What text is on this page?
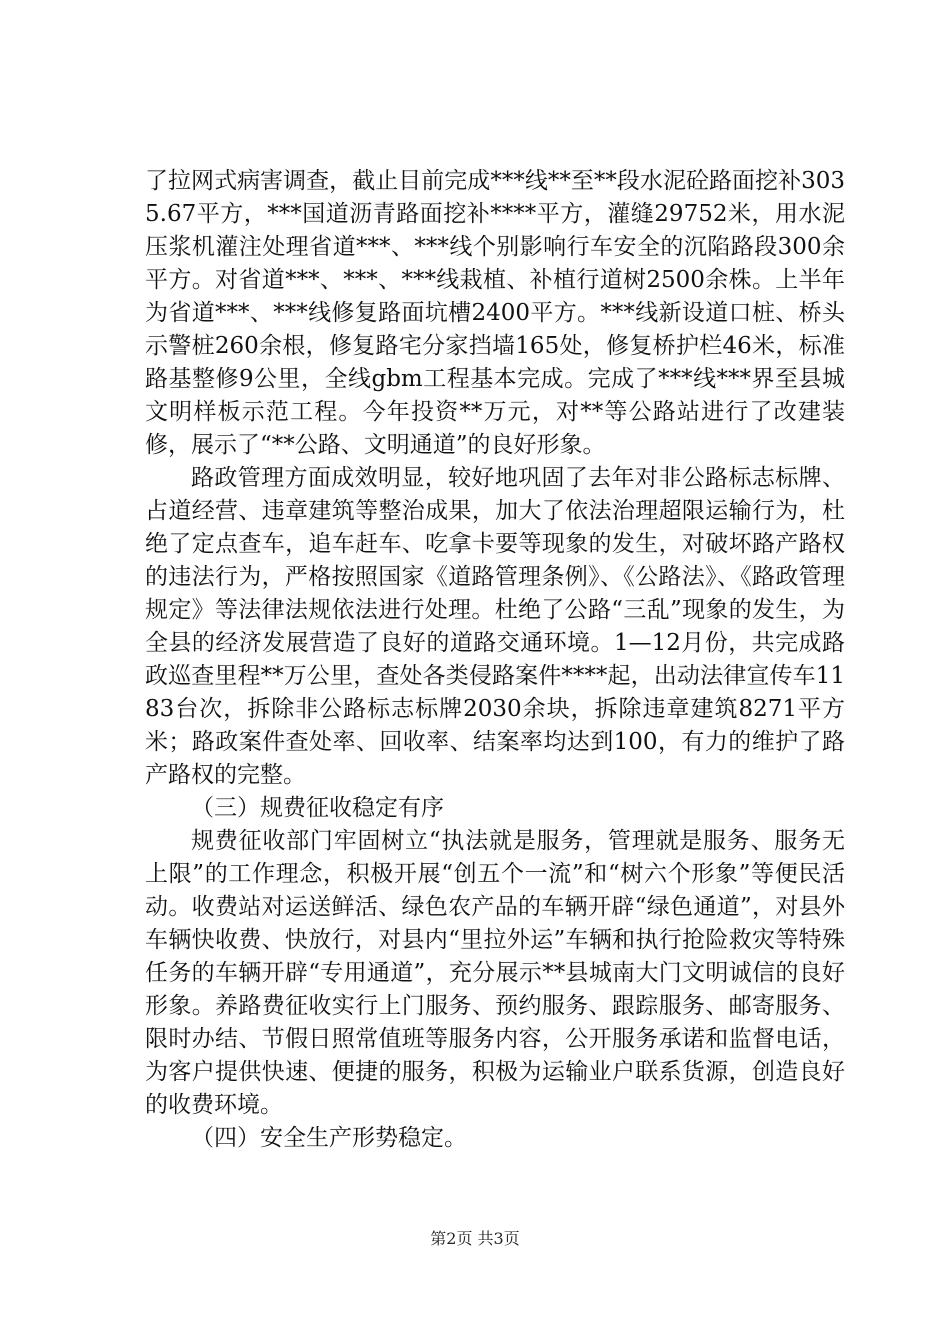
了拉网式病害调查，截止目前完成***线**至**段水泥砼路面挖补3035.67平方，***国道沥青路面挖补****平方，灌缝29752米，用水泥压浆机灌注处理省道***、***线个别影响行车安全的沉陷路段300余平方。对省道***、***、***线栽植、补植行道树2500余株。上半年为省道***、***线修复路面坑槽2400平方。***线新设道口桩、桥头示警桩260余根，修复路宅分家挡墙165处，修复桥护栏46米，标准路基整修9公里，全线gbm工程基本完成。完成了***线***界至县城文明样板示范工程。今年投资**万元，对**等公路站进行了改建装修，展示了“**公路、文明通道”的良好形象。

路政管理方面成效明显，较好地巩固了去年对非公路标志标牌、占道经营、违章建筑等整治成果，加大了依法治理超限运输行为，杜绝了定点查车，追车赶车、吃拿卡要等现象的发生，对破坏路产路权的违法行为，严格按照国家《道路管理条例》、《公路法》、《路政管理规定》等法律法规依法进行处理。杜绝了公路“三乱”现象的发生，为全县的经济发展营造了良好的道路交通环境。1—12月份，共完成路政巡查里程**万公里，查处各类侵路案件****起，出动法律宣传车1183台次，拆除非公路标志标牌2030余块，拆除违章建筑8271平方米；路政案件查处率、回收率、结案率均达到100，有力的维护了路产路权的完整。

（三）规费征收稳定有序

规费征收部门牢固树立“执法就是服务，管理就是服务、服务无上限”的工作理念，积极开展“创五个一流”和“树六个形象”等便民活动。收费站对运送鲜活、绿色农产品的车辆开辟“绿色通道”，对县外车辆快收费、快放行，对县内“里拉外运”车辆和执行抢险救灾等特殊任务的车辆开辟“专用通道”，充分展示**县城南大门文明诚信的良好形象。养路费征收实行上门服务、预约服务、跟踪服务、邮寄服务、限时办结、节假日照常值班等服务内容，公开服务承诺和监督电话，为客户提供快速、便捷的服务，积极为运输业户联系货源，创造良好的收费环境。

（四）安全生产形势稳定。

第2页 共3页
